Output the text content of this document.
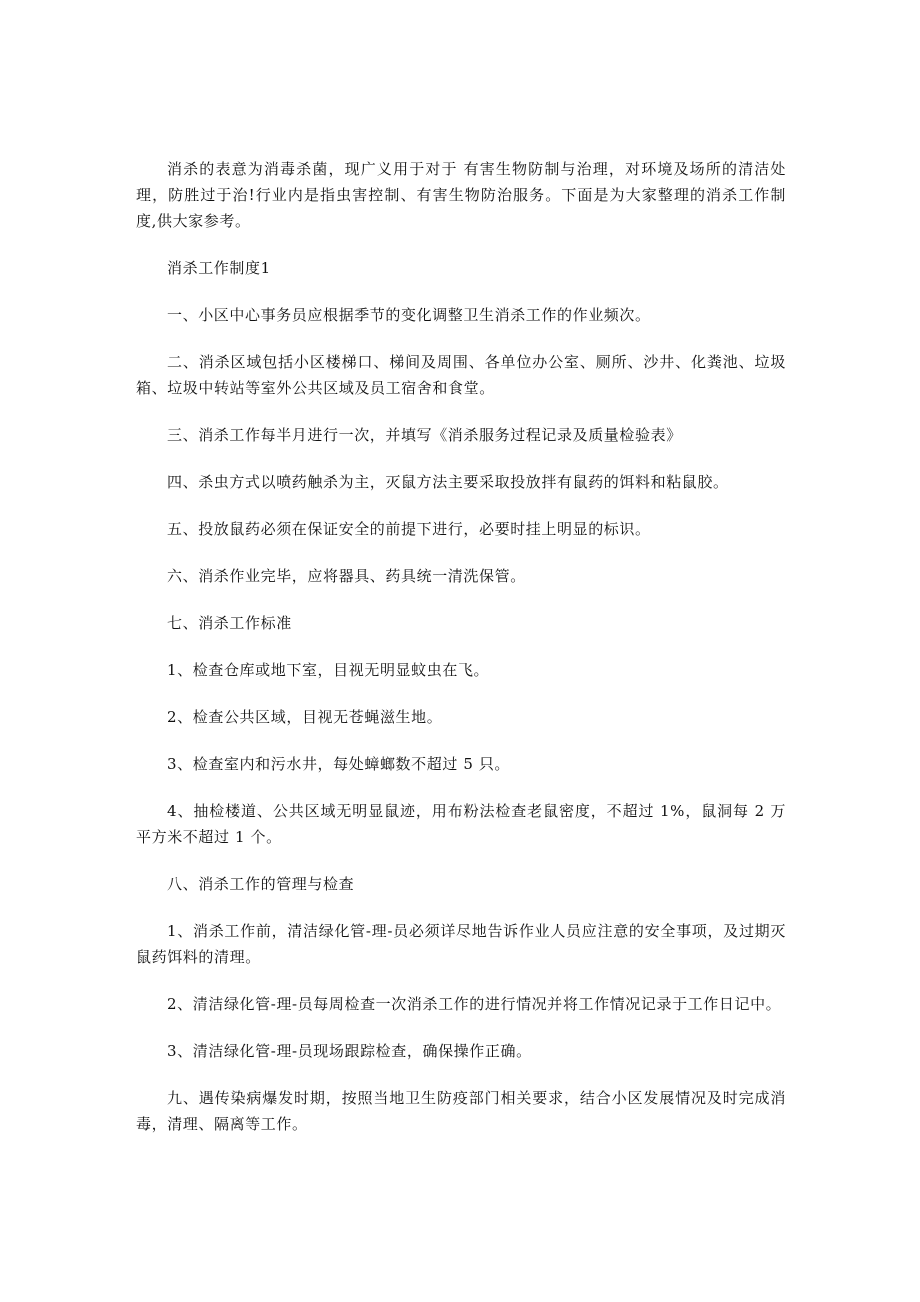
消杀的表意为消毒杀菌，现广义用于对于 有害生物防制与治理，对环境及场所的清洁处理，防胜过于治!行业内是指虫害控制、有害生物防治服务。下面是为大家整理的消杀工作制度,供大家参考。

消杀工作制度1

一、小区中心事务员应根据季节的变化调整卫生消杀工作的作业频次。

二、消杀区域包括小区楼梯口、梯间及周围、各单位办公室、厕所、沙井、化粪池、垃圾箱、垃圾中转站等室外公共区域及员工宿舍和食堂。

三、消杀工作每半月进行一次，并填写《消杀服务过程记录及质量检验表》

四、杀虫方式以喷药触杀为主，灭鼠方法主要采取投放拌有鼠药的饵料和粘鼠胶。

五、投放鼠药必须在保证安全的前提下进行，必要时挂上明显的标识。

六、消杀作业完毕，应将器具、药具统一清洗保管。

七、消杀工作标准

1、检查仓库或地下室，目视无明显蚊虫在飞。

2、检查公共区域，目视无苍蝇滋生地。

3、检查室内和污水井，每处蟑螂数不超过 5 只。

4、抽检楼道、公共区域无明显鼠迹，用布粉法检查老鼠密度，不超过 1%，鼠洞每 2 万平方米不超过 1 个。

八、消杀工作的管理与检查

1、消杀工作前，清洁绿化管-理-员必须详尽地告诉作业人员应注意的安全事项，及过期灭鼠药饵料的清理。

2、清洁绿化管-理-员每周检查一次消杀工作的进行情况并将工作情况记录于工作日记中。

3、清洁绿化管-理-员现场跟踪检查，确保操作正确。

九、遇传染病爆发时期，按照当地卫生防疫部门相关要求，结合小区发展情况及时完成消毒，清理、隔离等工作。
